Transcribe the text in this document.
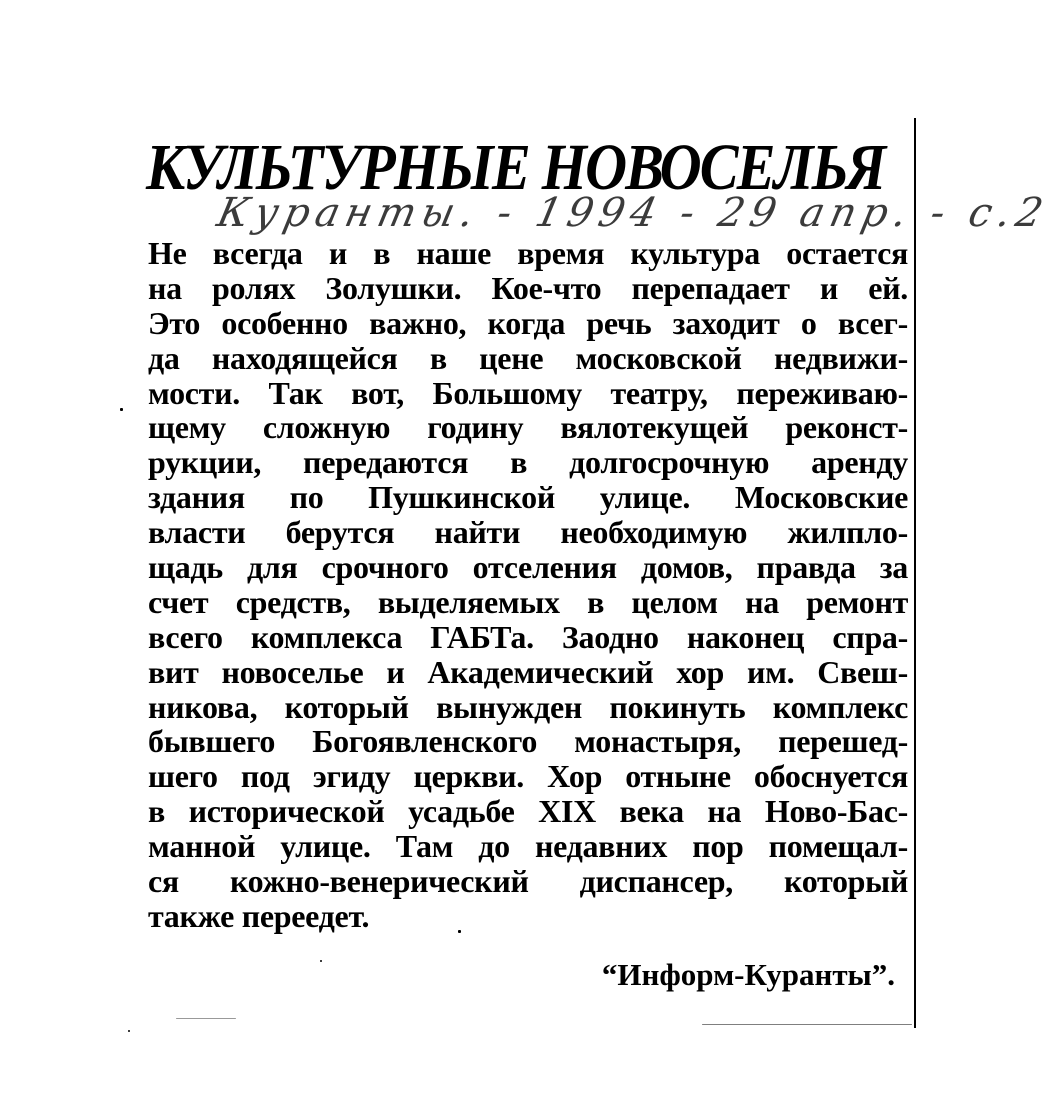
КУЛЬТУРНЫЕ НОВОСЕЛЬЯ
Куранты. - 1994 - 29 апр. - с.2
Не всегда и в наше время культура остается
на ролях Золушки. Кое-что перепадает и ей.
Это особенно важно, когда речь заходит о всег-
да находящейся в цене московской недвижи-
мости. Так вот, Большому театру, переживаю-
щему сложную годину вялотекущей реконст-
рукции, передаются в долгосрочную аренду
здания по Пушкинской улице. Московские
власти берутся найти необходимую жилпло-
щадь для срочного отселения домов, правда за
счет средств, выделяемых в целом на ремонт
всего комплекса ГАБТа. Заодно наконец спра-
вит новоселье и Академический хор им. Свеш-
никова, который вынужден покинуть комплекс
бывшего Богоявленского монастыря, перешед-
шего под эгиду церкви. Хор отныне обоснуется
в исторической усадьбе XIX века на Ново-Бас-
манной улице. Там до недавних пор помещал-
ся кожно-венерический диспансер, который
также переедет.
“Информ-Куранты”.
